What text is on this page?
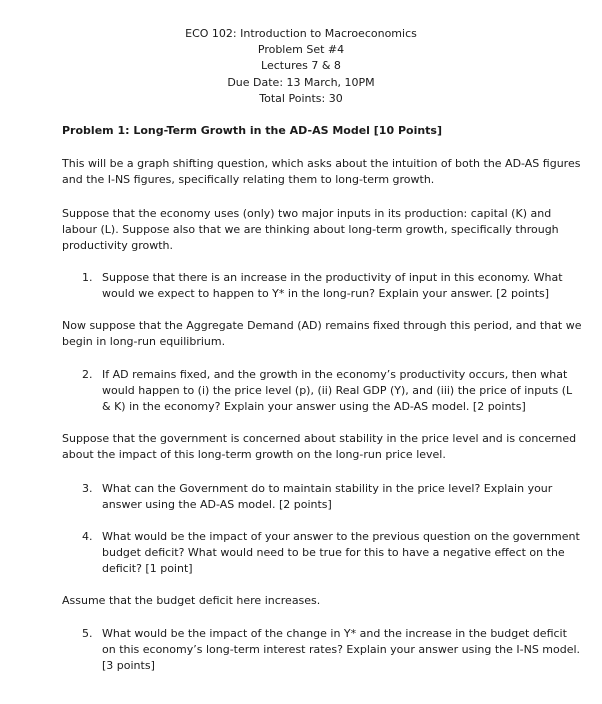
ECO 102: Introduction to Macroeconomics
Problem Set #4
Lectures 7 & 8
Due Date: 13 March, 10PM
Total Points: 30
Problem 1: Long-Term Growth in the AD-AS Model [10 Points]
This will be a graph shifting question, which asks about the intuition of both the AD-AS figures and the I-NS figures, specifically relating them to long-term growth.
Suppose that the economy uses (only) two major inputs in its production: capital (K) and labour (L). Suppose also that we are thinking about long-term growth, specifically through productivity growth.
1. Suppose that there is an increase in the productivity of input in this economy. What would we expect to happen to Y* in the long-run? Explain your answer. [2 points]
Now suppose that the Aggregate Demand (AD) remains fixed through this period, and that we begin in long-run equilibrium.
2. If AD remains fixed, and the growth in the economy’s productivity occurs, then what would happen to (i) the price level (p), (ii) Real GDP (Y), and (iii) the price of inputs (L & K) in the economy? Explain your answer using the AD-AS model. [2 points]
Suppose that the government is concerned about stability in the price level and is concerned about the impact of this long-term growth on the long-run price level.
3. What can the Government do to maintain stability in the price level? Explain your answer using the AD-AS model. [2 points]
4. What would be the impact of your answer to the previous question on the government budget deficit? What would need to be true for this to have a negative effect on the deficit? [1 point]
Assume that the budget deficit here increases.
5. What would be the impact of the change in Y* and the increase in the budget deficit on this economy’s long-term interest rates? Explain your answer using the I-NS model.
[3 points]
